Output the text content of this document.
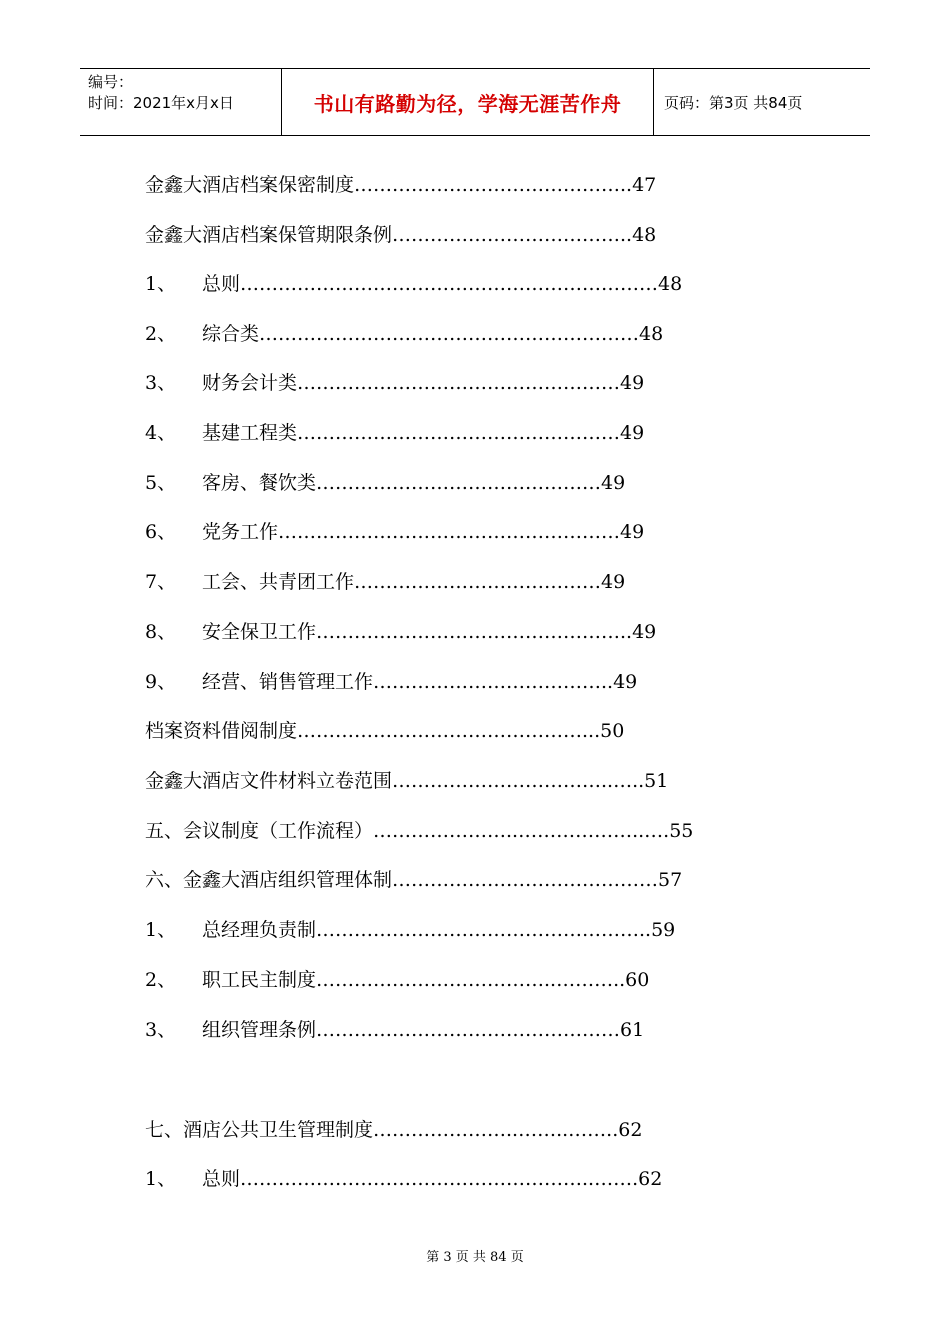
编号：
时间：2021年x月x日	书山有路勤为径，学海无涯苦作舟	页码：第3页 共84页
金鑫大酒店档案保密制度……………………………………..47
金鑫大酒店档案保管期限条例………………………………..48
1、 总则…………………………………………………………48
2、 综合类……………………………………………………48
3、 财务会计类……………………………………………49
4、 基建工程类……………………………………………49
5、 客房、餐饮类………………………………………49
6、 党务工作………………………………………………49
7、 工会、共青团工作…………………………………49
8、 安全保卫工作…………………………………………..49
9、 经营、销售管理工作………………………………..49
档案资料借阅制度………………………………………...50
金鑫大酒店文件材料立卷范围……………………………..…..51
五、会议制度（工作流程）…………………..………………..….55
六、金鑫大酒店组织管理体制……………………………………57
1、 总经理负责制……………………………………………..59
2、 职工民主制度………………………………..………..60
3、 组织管理条例…………………………………………61
七、酒店公共卫生管理制度…………………..……..……..62
1、 总则………………………………………………..…….62
第 3 页 共 84 页
